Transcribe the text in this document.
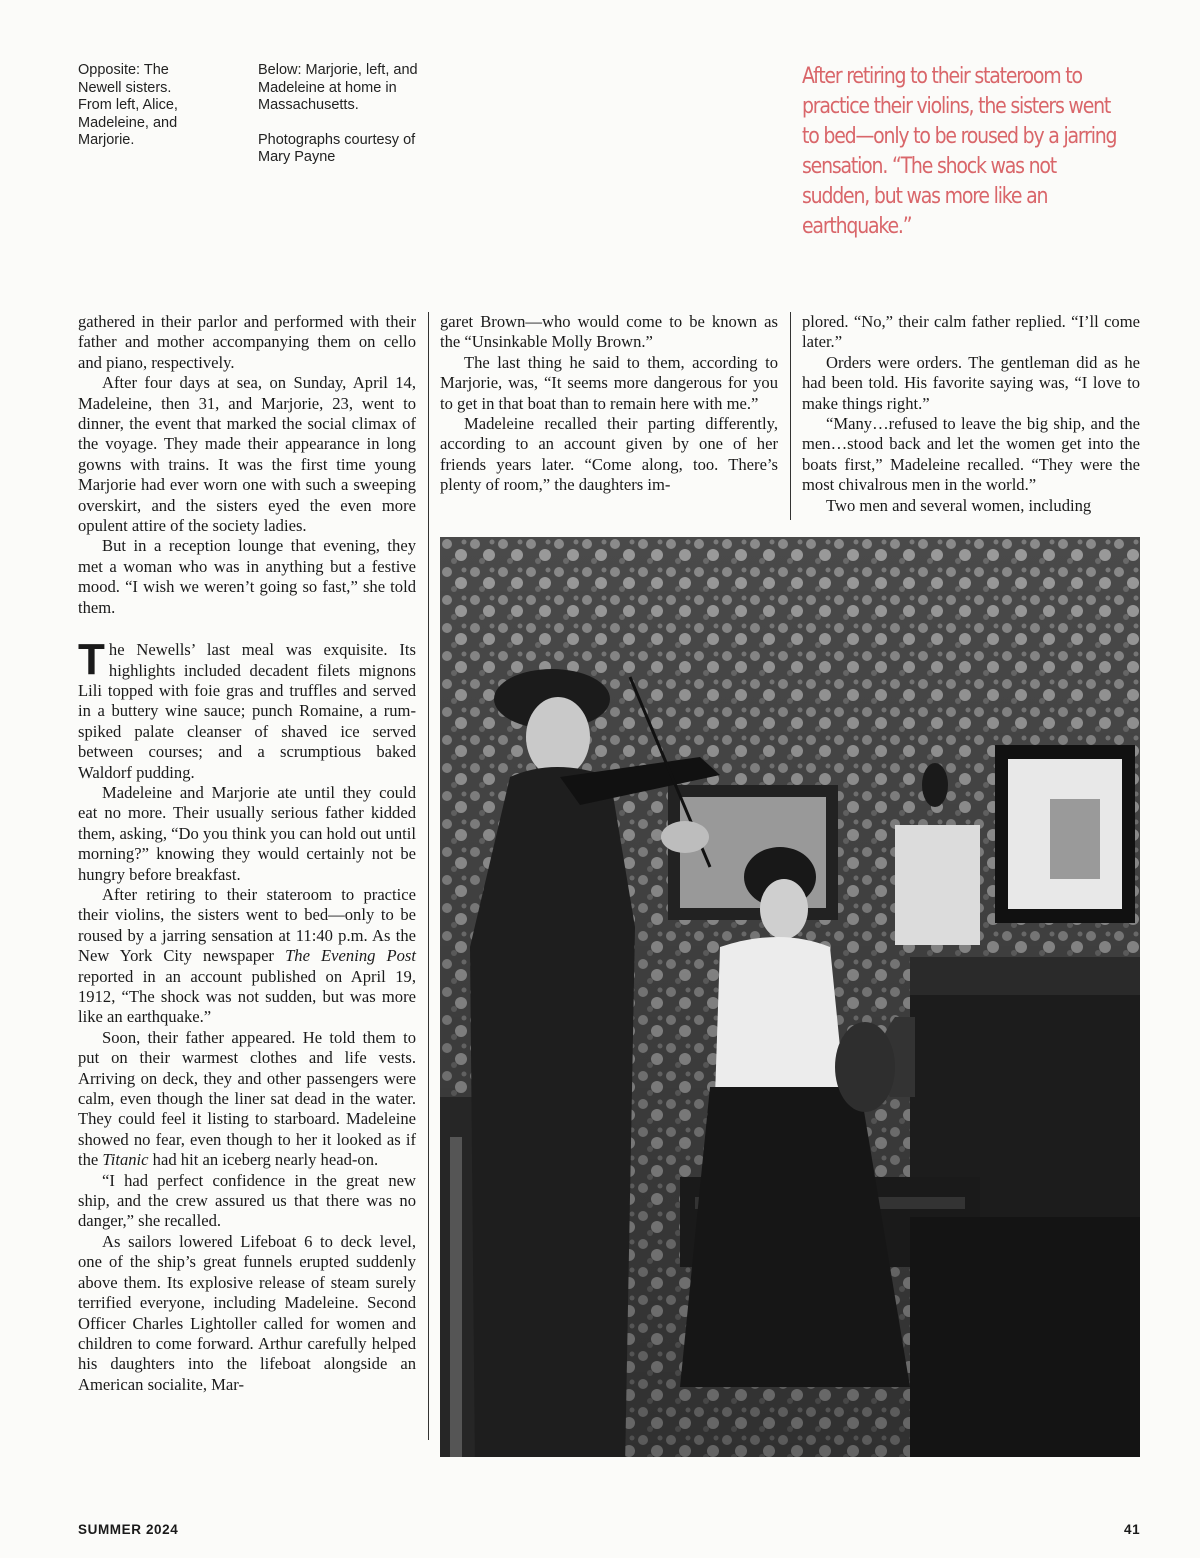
Opposite: The Newell sisters. From left, Alice, Madeleine, and Marjorie.

Below: Marjorie, left, and Madeleine at home in Massachusetts.

Photographs courtesy of Mary Payne

After retiring to their stateroom to practice their violins, the sisters went to bed—only to be roused by a jarring sensation. “The shock was not sudden, but was more like an earthquake.”

gathered in their parlor and performed with their father and mother accompanying them on cello and piano, respectively.

After four days at sea, on Sunday, April 14, Madeleine, then 31, and Marjorie, 23, went to dinner, the event that marked the social climax of the voyage. They made their appearance in long gowns with trains. It was the first time young Marjorie had ever worn one with such a sweeping overskirt, and the sisters eyed the even more opulent attire of the society ladies.

But in a reception lounge that evening, they met a woman who was in anything but a festive mood. “I wish we weren’t going so fast,” she told them.

The Newells’ last meal was exquisite. Its highlights included decadent filets mignons Lili topped with foie gras and truffles and served in a buttery wine sauce; punch Romaine, a rum-spiked palate cleanser of shaved ice served between courses; and a scrumptious baked Waldorf pudding.

Madeleine and Marjorie ate until they could eat no more. Their usually serious father kidded them, asking, “Do you think you can hold out until morning?” knowing they would certainly not be hungry before breakfast.

After retiring to their stateroom to practice their violins, the sisters went to bed—only to be roused by a jarring sensation at 11:40 p.m. As the New York City newspaper The Evening Post reported in an account published on April 19, 1912, “The shock was not sudden, but was more like an earthquake.”

Soon, their father appeared. He told them to put on their warmest clothes and life vests. Arriving on deck, they and other passengers were calm, even though the liner sat dead in the water. They could feel it listing to starboard. Madeleine showed no fear, even though to her it looked as if the Titanic had hit an iceberg nearly head-on.

“I had perfect confidence in the great new ship, and the crew assured us that there was no danger,” she recalled.

As sailors lowered Lifeboat 6 to deck level, one of the ship’s great funnels erupted suddenly above them. Its explosive release of steam surely terrified everyone, including Madeleine. Second Officer Charles Lightoller called for women and children to come forward. Arthur carefully helped his daughters into the lifeboat alongside an American socialite, Mar-

garet Brown—who would come to be known as the “Unsinkable Molly Brown.”

The last thing he said to them, according to Marjorie, was, “It seems more dangerous for you to get in that boat than to remain here with me.”

Madeleine recalled their parting differently, according to an account given by one of her friends years later. “Come along, too. There’s plenty of room,” the daughters im-

plored. “No,” their calm father replied. “I’ll come later.”

Orders were orders. The gentleman did as he had been told. His favorite saying was, “I love to make things right.”

“Many…refused to leave the big ship, and the men…stood back and let the women get into the boats first,” Madeleine recalled. “They were the most chivalrous men in the world.”

Two men and several women, including

SUMMER 2024	41
